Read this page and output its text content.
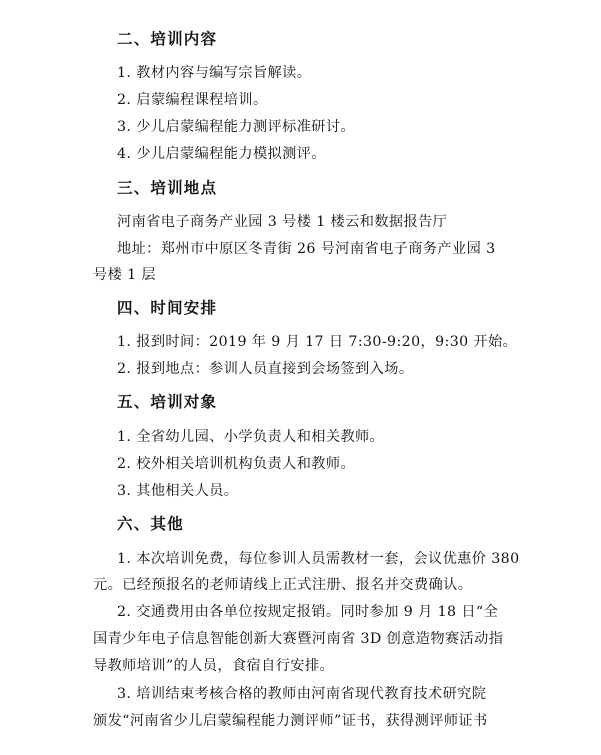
二、培训内容
1. 教材内容与编写宗旨解读。
2. 启蒙编程课程培训。
3. 少儿启蒙编程能力测评标准研讨。
4. 少儿启蒙编程能力模拟测评。
三、培训地点
河南省电子商务产业园 3 号楼 1 楼云和数据报告厅
地址：郑州市中原区冬青街 26 号河南省电子商务产业园 3
号楼 1 层
四、时间安排
1. 报到时间：2019 年 9 月 17 日 7:30-9:20，9:30 开始。
2. 报到地点：参训人员直接到会场签到入场。
五、培训对象
1. 全省幼儿园、小学负责人和相关教师。
2. 校外相关培训机构负责人和教师。
3. 其他相关人员。
六、其他
1. 本次培训免费，每位参训人员需教材一套，会议优惠价 380
元。已经预报名的老师请线上正式注册、报名并交费确认。
2. 交通费用由各单位按规定报销。同时参加 9 月 18 日“全
国青少年电子信息智能创新大赛暨河南省 3D 创意造物赛活动指
导教师培训”的人员，食宿自行安排。
3. 培训结束考核合格的教师由河南省现代教育技术研究院
颁发“河南省少儿启蒙编程能力测评师”证书，获得测评师证书
